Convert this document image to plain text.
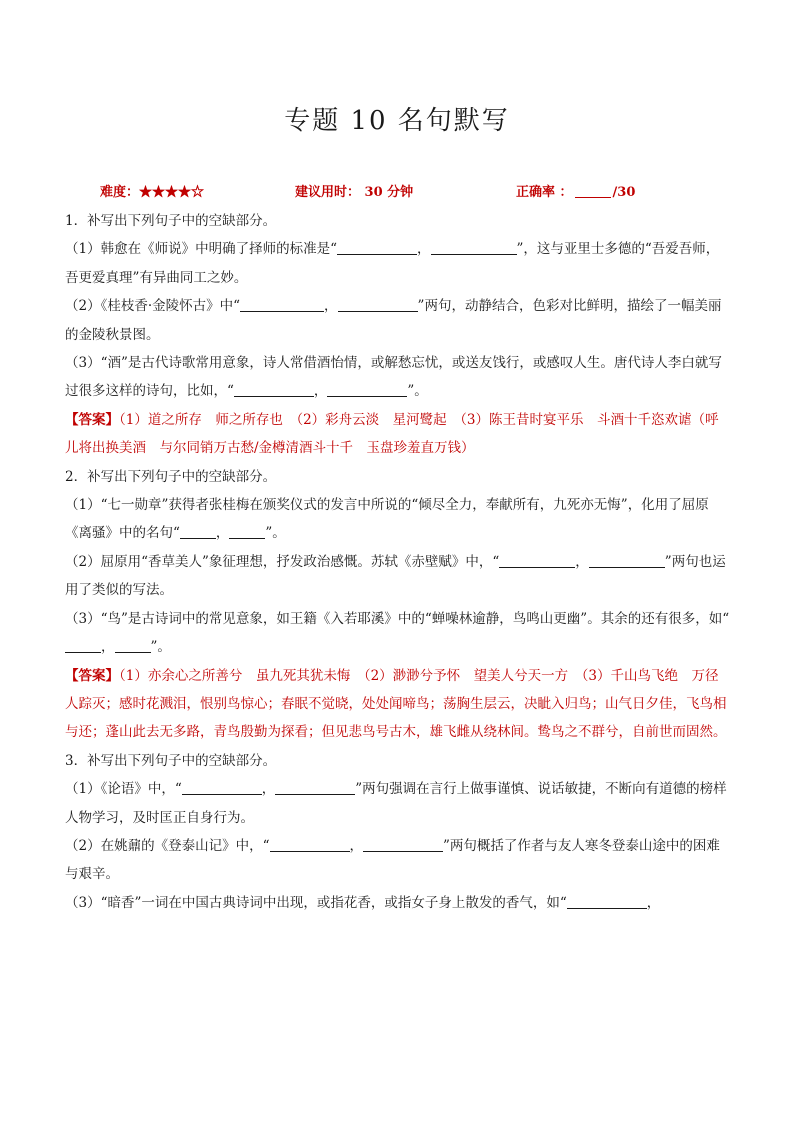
专题 10 名句默写
难度：★★★★☆	建议用时： 30 分钟	正确率 ：	/30

1．补写出下列句子中的空缺部分。

（1）韩愈在《师说》中明确了择师的标准是“	，	”，这与亚里士多德的“吾爱吾师，吾更爱真理”有异曲同工之妙。

（2）《桂枝香·金陵怀古》中“	，	”两句，动静结合，色彩对比鲜明，描绘了一幅美丽的金陵秋景图。

（3）“酒”是古代诗歌常用意象，诗人常借酒怡情，或解愁忘忧，或送友饯行，或感叹人生。唐代诗人李白就写过很多这样的诗句，比如，“	，	”。

【答案】（1）道之所存　师之所存也　（2）彩舟云淡　星河鹭起　（3）陈王昔时宴平乐　斗酒十千恣欢谑（呼儿将出换美酒　与尔同销万古愁/金樽清酒斗十千　玉盘珍羞直万钱）

2．补写出下列句子中的空缺部分。

（1）“七一勋章”获得者张桂梅在颁奖仪式的发言中所说的“倾尽全力，奉献所有，九死亦无悔”，化用了屈原《离骚》中的名句“	，	”。

（2）屈原用“香草美人”象征理想，抒发政治感慨。苏轼《赤壁赋》中，“	，	”两句也运用了类似的写法。

（3）“鸟”是古诗词中的常见意象，如王籍《入若耶溪》中的“蝉噪林逾静，鸟鸣山更幽”。其余的还有很多，如“，	”。

【答案】（1）亦余心之所善兮　虽九死其犹未悔　（2）渺渺兮予怀　望美人兮天一方　（3）千山鸟飞绝　万径人踪灭；感时花溅泪，恨别鸟惊心；春眠不觉晓，处处闻啼鸟；荡胸生层云，决眦入归鸟；山气日夕佳，飞鸟相与还；蓬山此去无多路，青鸟殷勤为探看；但见悲鸟号古木，雄飞雌从绕林间。鸷鸟之不群兮，自前世而固然。

3．补写出下列句子中的空缺部分。

（1）《论语》中，“	，	”两句强调在言行上做事谨慎、说话敏捷，不断向有道德的榜样人物学习，及时匡正自身行为。

（2）在姚鼐的《登泰山记》中，“	，	”两句概括了作者与友人寒冬登泰山途中的困难与艰辛。

（3）“暗香”一词在中国古典诗词中出现，或指花香，或指女子身上散发的香气，如“	，
